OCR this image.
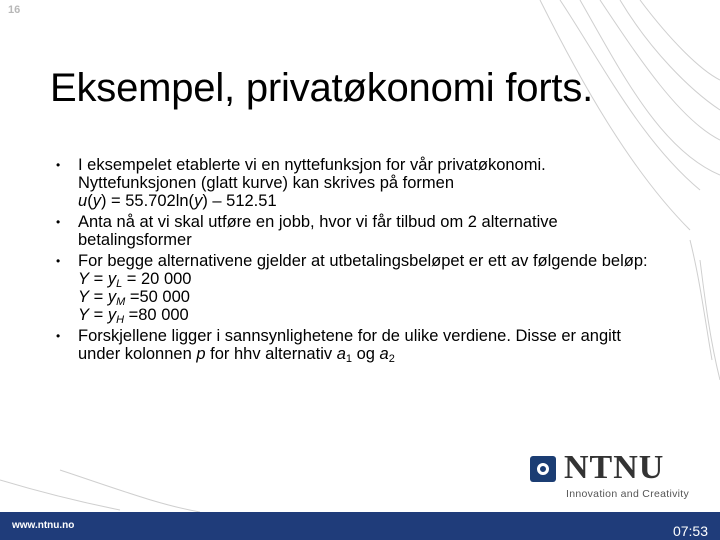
16
Eksempel, privatøkonomi forts.
• I eksempelet etablerte vi en nyttefunksjon for vår privatøkonomi. Nyttefunksjonen (glatt kurve) kan skrives på formen
u(y) = 55.702ln(y) – 512.51
• Anta nå at vi skal utføre en jobb, hvor vi får tilbud om 2 alternative betalingsformer
• For begge alternativene gjelder at utbetalingsbeløpet er ett av følgende beløp:
$Y = y_L = 20$ 000
$Y = y_M =50$ 000
$Y = y_H =80$ 000
• Forskjellene ligger i sannsynlighetene for de ulike verdiene. Disse er angitt under kolonnen p for hhv alternativ $a_1$ og $a_2$
NTNU
Innovation and Creativity
www.ntnu.no	07:53
